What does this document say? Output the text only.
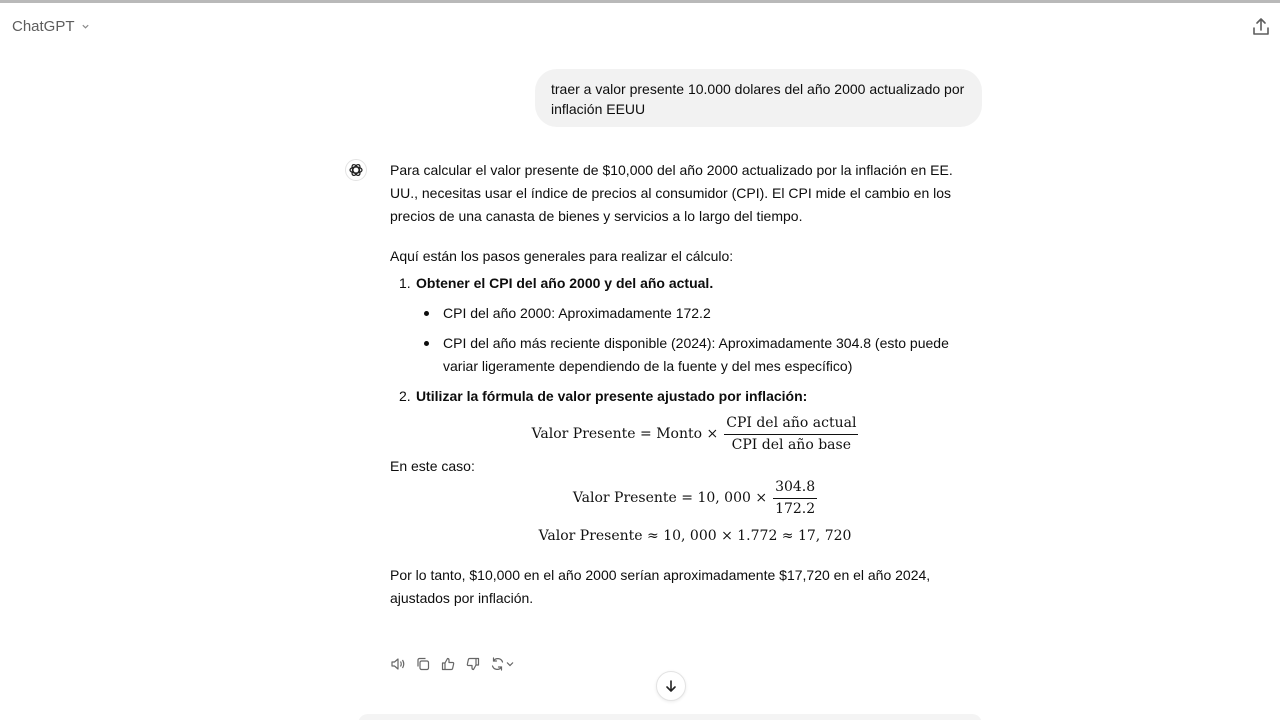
ChatGPT
traer a valor presente 10.000 dolares del año 2000 actualizado por inflación EEUU

Para calcular el valor presente de $10,000 del año 2000 actualizado por la inflación en EE. UU., necesitas usar el índice de precios al consumidor (CPI). El CPI mide el cambio en los precios de una canasta de bienes y servicios a lo largo del tiempo.

Aquí están los pasos generales para realizar el cálculo:

1. Obtener el CPI del año 2000 y del año actual.
CPI del año 2000: Aproximadamente 172.2
CPI del año más reciente disponible (2024): Aproximadamente 304.8 (esto puede variar ligeramente dependiendo de la fuente y del mes específico)
2. Utilizar la fórmula de valor presente ajustado por inflación:
Valor Presente = Monto × $\frac{\text{CPI del año actual}}{\text{CPI del año base}}$

En este caso:

Valor Presente = 10, $000 \times \frac{304.8}{172.2}$
Valor Presente ≈ 10, 000 × 1.772 ≈ 17, 720

Por lo tanto, $10,000 en el año 2000 serían aproximadamente $17,720 en el año 2024, ajustados por inflación.
